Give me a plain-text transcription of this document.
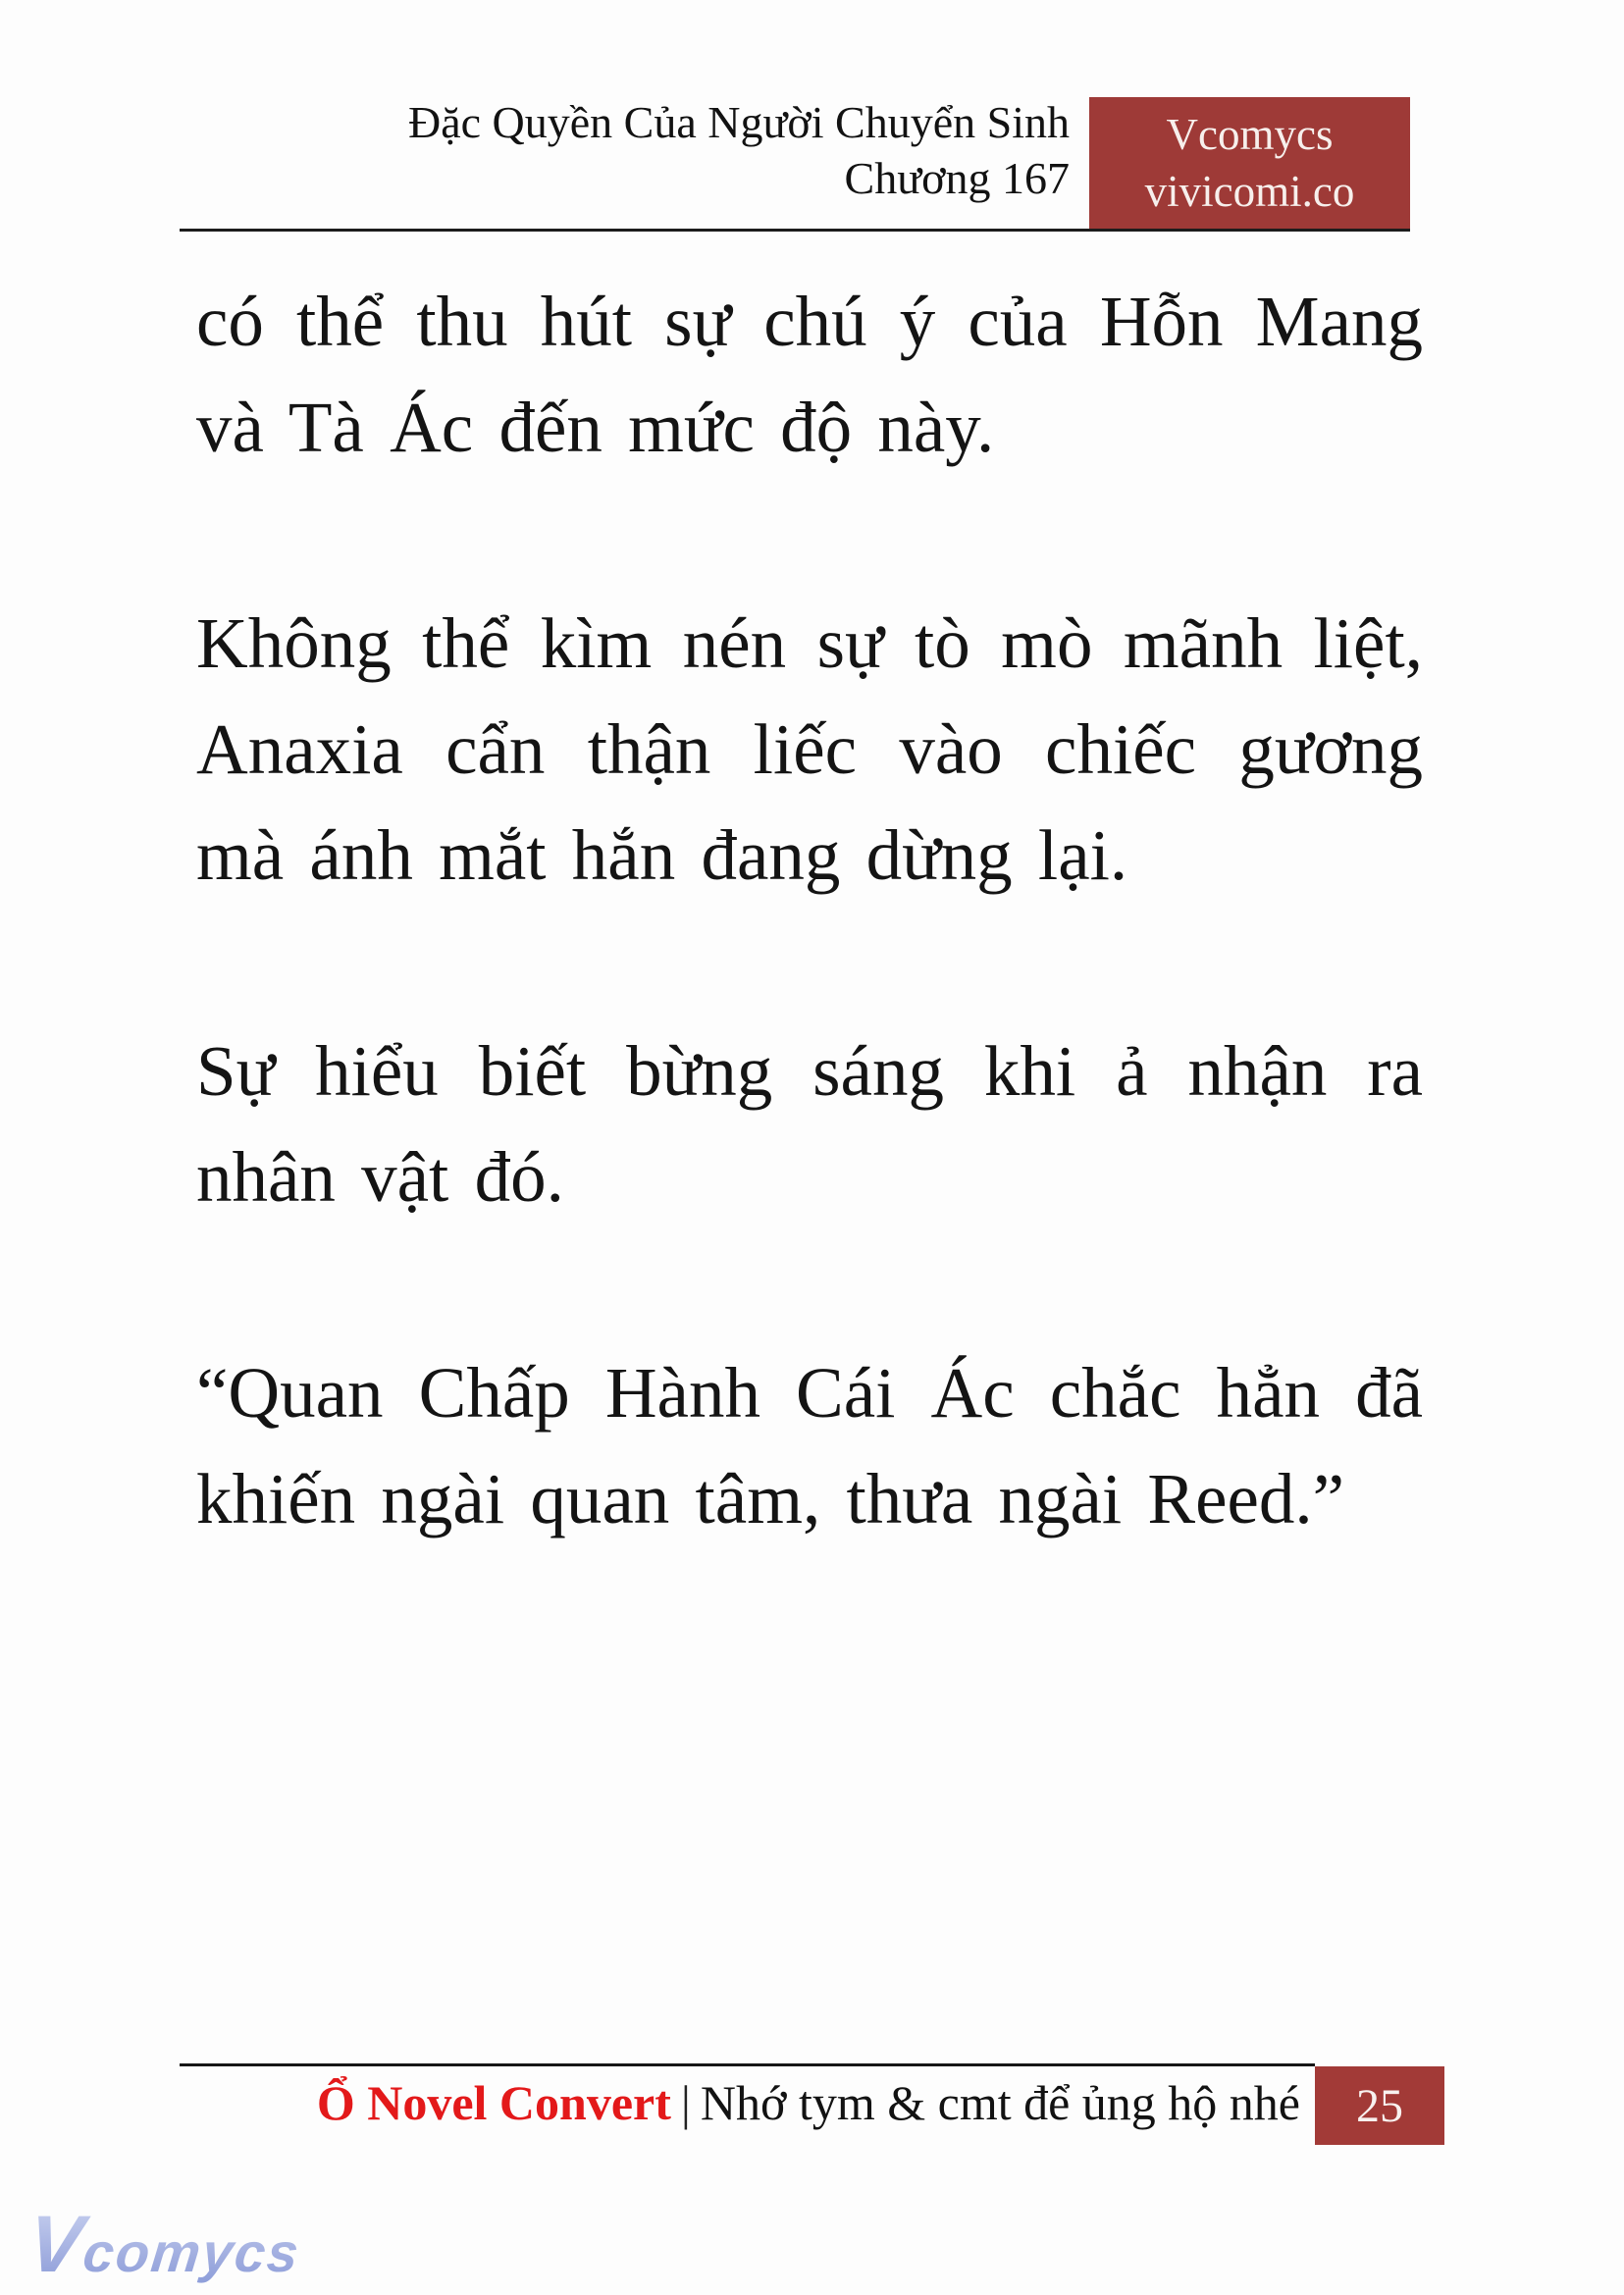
Đặc Quyền Của Người Chuyển Sinh
Chương 167
Vcomycs
vivicomi.co

có thể thu hút sự chú ý của Hỗn Mang và Tà Ác đến mức độ này.

Không thể kìm nén sự tò mò mãnh liệt, Anaxia cẩn thận liếc vào chiếc gương mà ánh mắt hắn đang dừng lại.

Sự hiểu biết bừng sáng khi ả nhận ra nhân vật đó.

“Quan Chấp Hành Cái Ác chắc hẳn đã khiến ngài quan tâm, thưa ngài Reed.”

Ổ Novel Convert | Nhớ tym & cmt để ủng hộ nhé 25
Vcomycs
